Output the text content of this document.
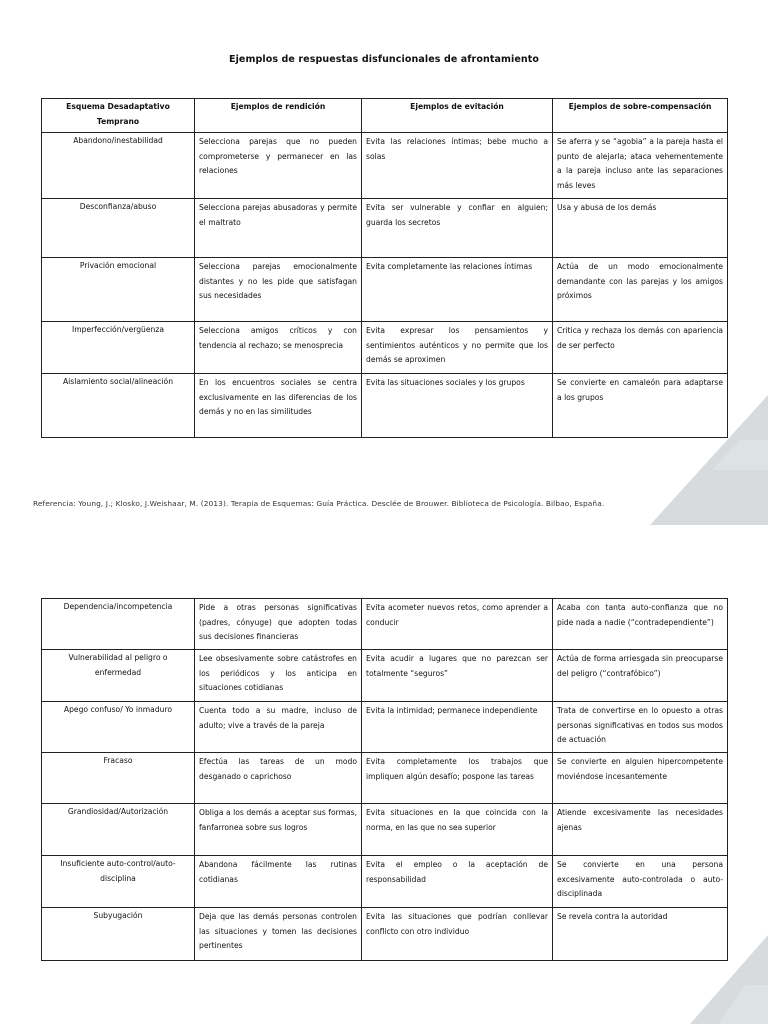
Ejemplos de respuestas disfuncionales de afrontamiento
Esquema Desadaptativo Temprano	Ejemplos de rendición	Ejemplos de evitación	Ejemplos de sobre-compensación
Abandono/inestabilidad	Selecciona parejas que no pueden comprometerse y permanecer en las relaciones	Evita las relaciones íntimas; bebe mucho a solas	Se aferra y se “agobia” a la pareja hasta el punto de alejarla; ataca vehementemente a la pareja incluso ante las separaciones más leves
Desconfianza/abuso	Selecciona parejas abusadoras y permite el maltrato	Evita ser vulnerable y confiar en alguien; guarda los secretos	Usa y abusa de los demás
Privación emocional	Selecciona parejas emocionalmente distantes y no les pide que satisfagan sus necesidades	Evita completamente las relaciones íntimas	Actúa de un modo emocionalmente demandante con las parejas y los amigos próximos
Imperfección/vergüenza	Selecciona amigos críticos y con tendencia al rechazo; se menosprecia	Evita expresar los pensamientos y sentimientos auténticos y no permite que los demás se aproximen	Critica y rechaza los demás con apariencia de ser perfecto
Aislamiento social/alineación	En los encuentros sociales se centra exclusivamente en las diferencias de los demás y no en las similitudes	Evita las situaciones sociales y los grupos	Se convierte en camaleón para adaptarse a los grupos
Referencia: Young, J.; Klosko, J.Weishaar, M. (2013). Terapia de Esquemas: Guía Práctica. Desclée de Brouwer. Biblioteca de Psicología. Bilbao, España.
Dependencia/incompetencia	Pide a otras personas significativas (padres, cónyuge) que adopten todas sus decisiones financieras	Evita acometer nuevos retos, como aprender a conducir	Acaba con tanta auto-confianza que no pide nada a nadie (“contradependiente”)
Vulnerabilidad al peligro o enfermedad	Lee obsesivamente sobre catástrofes en los periódicos y los anticipa en situaciones cotidianas	Evita acudir a lugares que no parezcan ser totalmente “seguros”	Actúa de forma arriesgada sin preocuparse del peligro (“contrafóbico”)
Apego confuso/ Yo inmaduro	Cuenta todo a su madre, incluso de adulto; vive a través de la pareja	Evita la intimidad; permanece independiente	Trata de convertirse en lo opuesto a otras personas significativas en todos sus modos de actuación
Fracaso	Efectúa las tareas de un modo desganado o caprichoso	Evita completamente los trabajos que impliquen algún desafío; pospone las tareas	Se convierte en alguien hipercompetente moviéndose incesantemente
Grandiosidad/Autorización	Obliga a los demás a aceptar sus formas, fanfarronea sobre sus logros	Evita situaciones en la que coincida con la norma, en las que no sea superior	Atiende excesivamente las necesidades ajenas
Insuficiente auto-control/auto-disciplina	Abandona fácilmente las rutinas cotidianas	Evita el empleo o la aceptación de responsabilidad	Se convierte en una persona excesivamente auto-controlada o auto-disciplinada
Subyugación	Deja que las demás personas controlen las situaciones y tomen las decisiones pertinentes	Evita las situaciones que podrían conllevar conflicto con otro individuo	Se revela contra la autoridad
